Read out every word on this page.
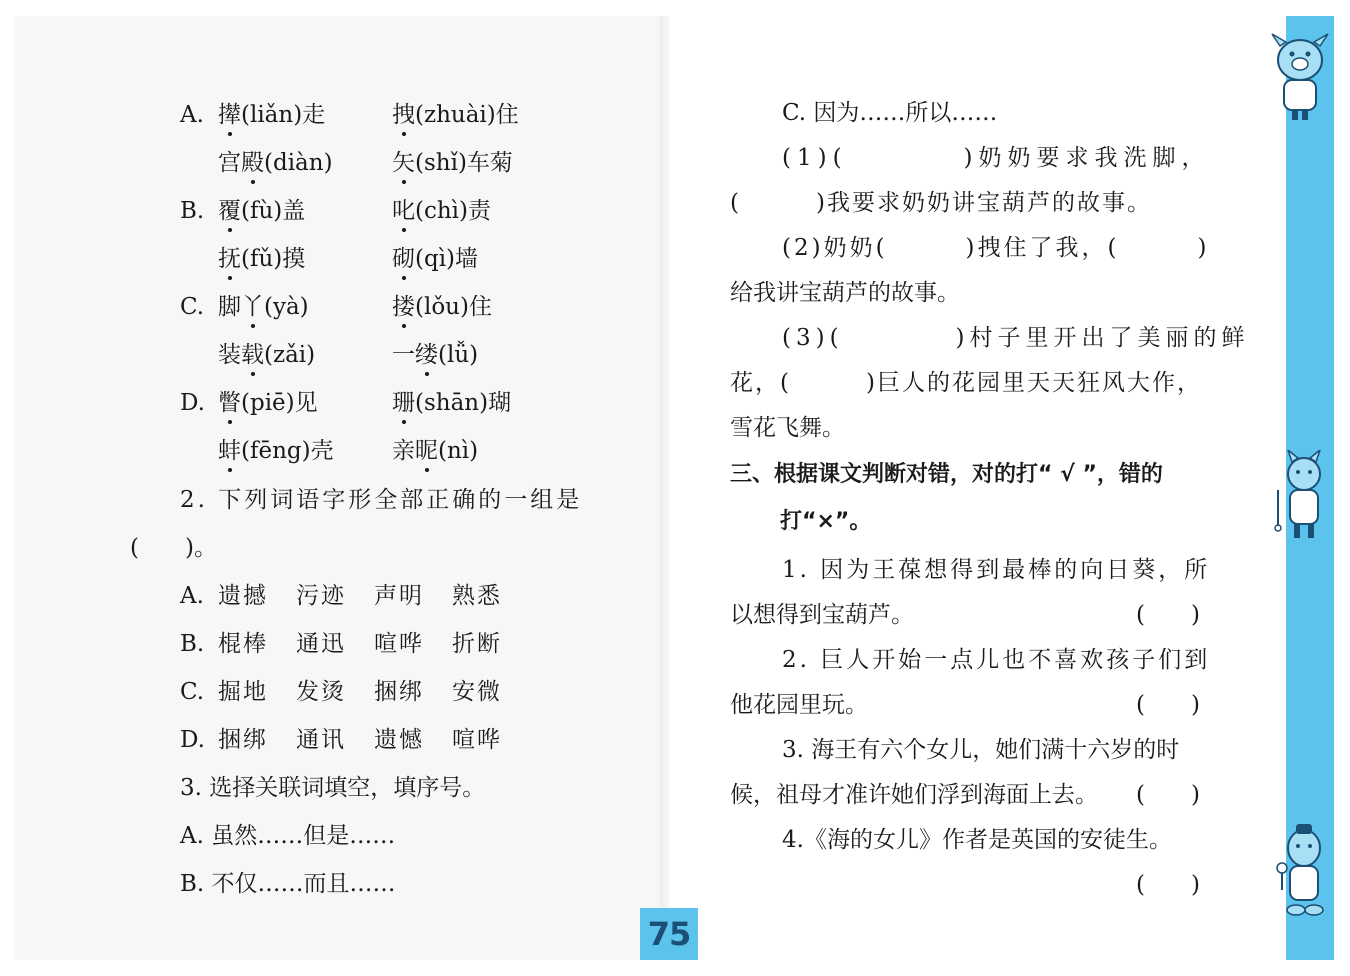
A. 撵(liǎn)走	拽(zhuài)住
宫殿(diàn)	矢(shǐ)车菊
B. 覆(fù)盖	叱(chì)责
抚(fǔ)摸	砌(qì)墙
C. 脚丫(yà)	搂(lǒu)住
装载(zǎi)	一缕(lǚ)
D. 瞥(piē)见	珊(shān)瑚
蚌(fēng)壳	亲昵(nì)
2. 下列词语字形全部正确的一组是
(　　)。
A. 遗撼 污迹 声明 熟悉
B. 棍棒 通迅 喧哗 折断
C. 掘地 发烫 捆绑 安微
D. 捆绑 通讯 遗憾 喧哗
3. 选择关联词填空，填序号。
A. 虽然……但是……
B. 不仅……而且……
C. 因为……所以……
(1)(　　　　)奶奶要求我洗脚，
(　　　)我要求奶奶讲宝葫芦的故事。
(2)奶奶(　　　)拽住了我，(　　　)
给我讲宝葫芦的故事。
(3)(　　　　)村子里开出了美丽的鲜
花，(　　　)巨人的花园里天天狂风大作，
雪花飞舞。
三、根据课文判断对错，对的打“ √ ”，错的
打“×”。
1. 因为王葆想得到最棒的向日葵，所
以想得到宝葫芦。	(　　)
2. 巨人开始一点儿也不喜欢孩子们到
他花园里玩。	(　　)
3. 海王有六个女儿，她们满十六岁的时
候，祖母才准许她们浮到海面上去。 (　　)
4.《海的女儿》作者是英国的安徒生。
(　　)
75
